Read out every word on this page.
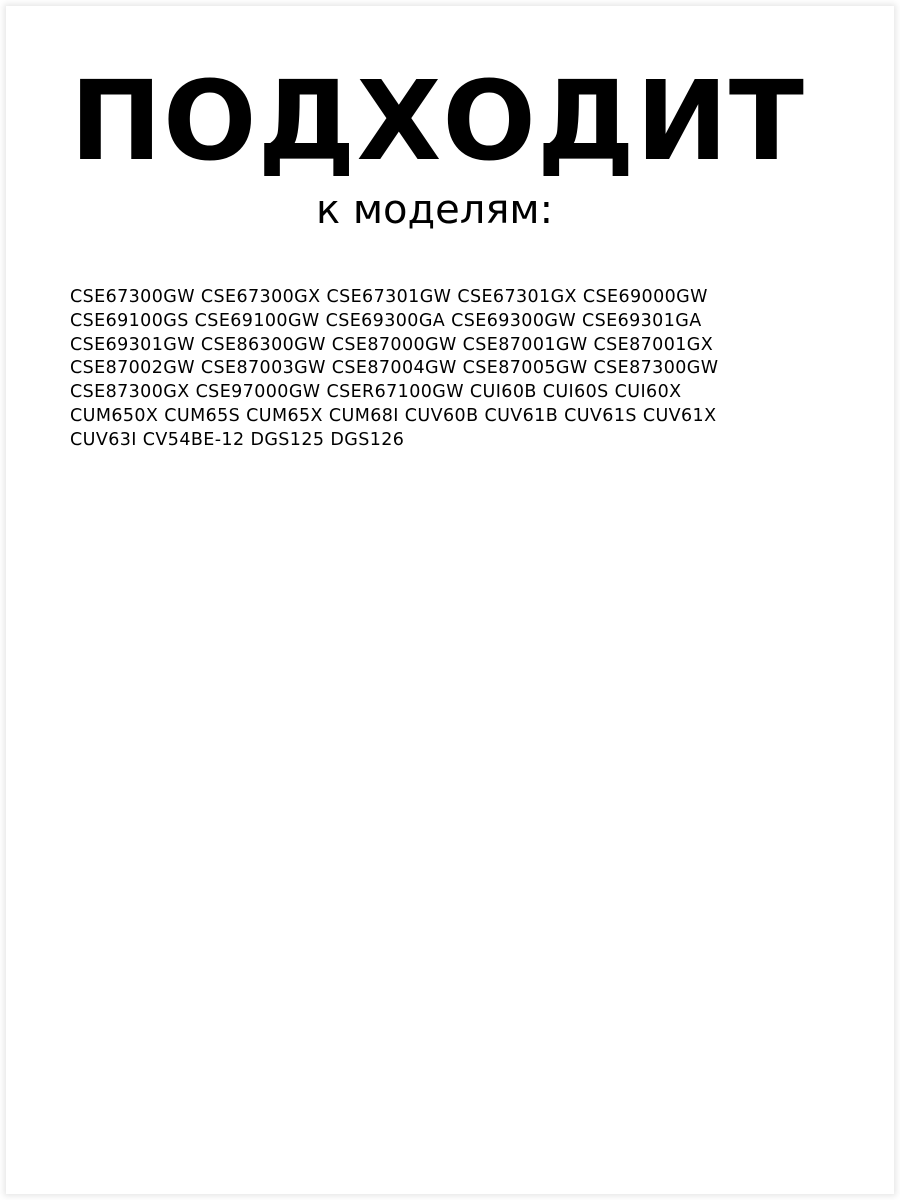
ПОДХОДИТ
к моделям:
CSE67300GW CSE67300GX CSE67301GW CSE67301GX CSE69000GW
CSE69100GS CSE69100GW CSE69300GA CSE69300GW CSE69301GA
CSE69301GW CSE86300GW CSE87000GW CSE87001GW CSE87001GX
CSE87002GW CSE87003GW CSE87004GW CSE87005GW CSE87300GW
CSE87300GX CSE97000GW CSER67100GW CUI60B CUI60S CUI60X
CUM650X CUM65S CUM65X CUM68I CUV60B CUV61B CUV61S CUV61X
CUV63I CV54BE-12 DGS125 DGS126
